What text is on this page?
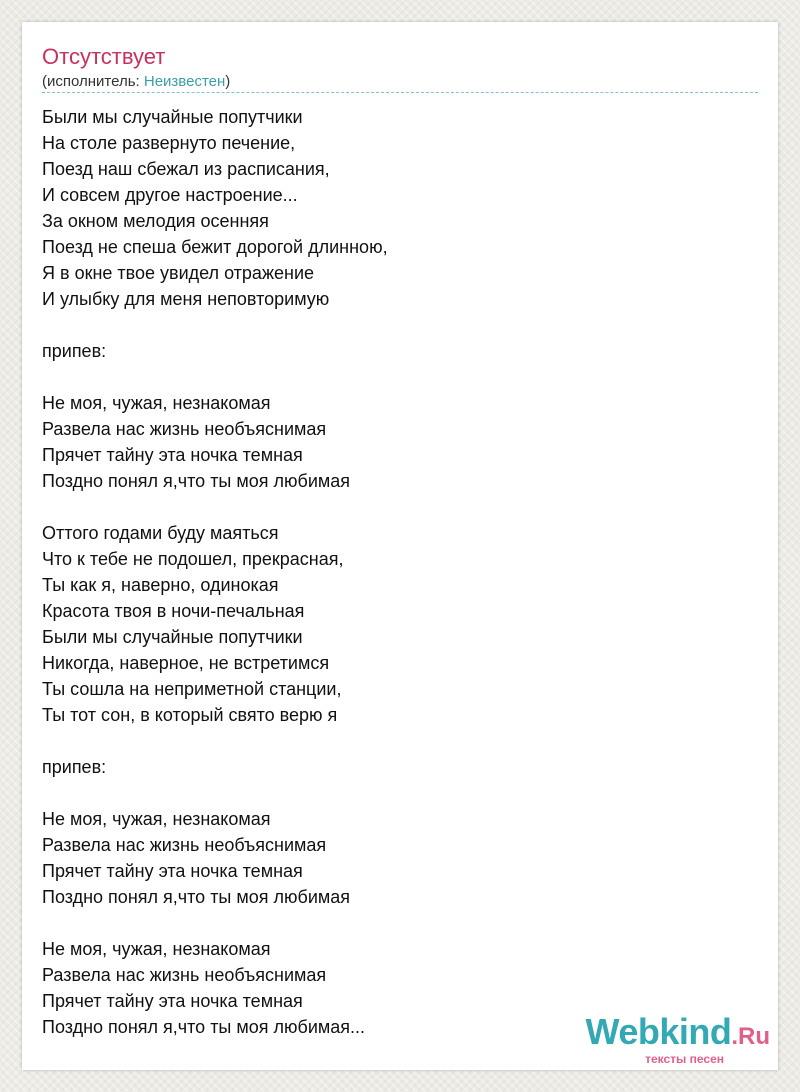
Отсутствует
(исполнитель: Неизвестен)
Были мы случайные попутчики
На столе развернуто печение,
Поезд наш сбежал из расписания,
И совсем другое настроение...
За окном мелодия осенняя
Поезд не спеша бежит дорогой длинною,
Я в окне твое увидел отражение
И улыбку для меня неповторимую
припев:
Не моя, чужая, незнакомая
Развела нас жизнь необъяснимая
Прячет тайну эта ночка темная
Поздно понял я,что ты моя любимая
Оттого годами буду маяться
Что к тебе не подошел, прекрасная,
Ты как я, наверно, одинокая
Красота твоя в ночи-печальная
Были мы случайные попутчики
Никогда, наверное, не встретимся
Ты сошла на неприметной станции,
Ты тот сон, в который свято верю я
припев:
Не моя, чужая, незнакомая
Развела нас жизнь необъяснимая
Прячет тайну эта ночка темная
Поздно понял я,что ты моя любимая
Не моя, чужая, незнакомая
Развела нас жизнь необъяснимая
Прячет тайну эта ночка темная
Поздно понял я,что ты моя любимая...	Webkind.Ru
тексты песен
